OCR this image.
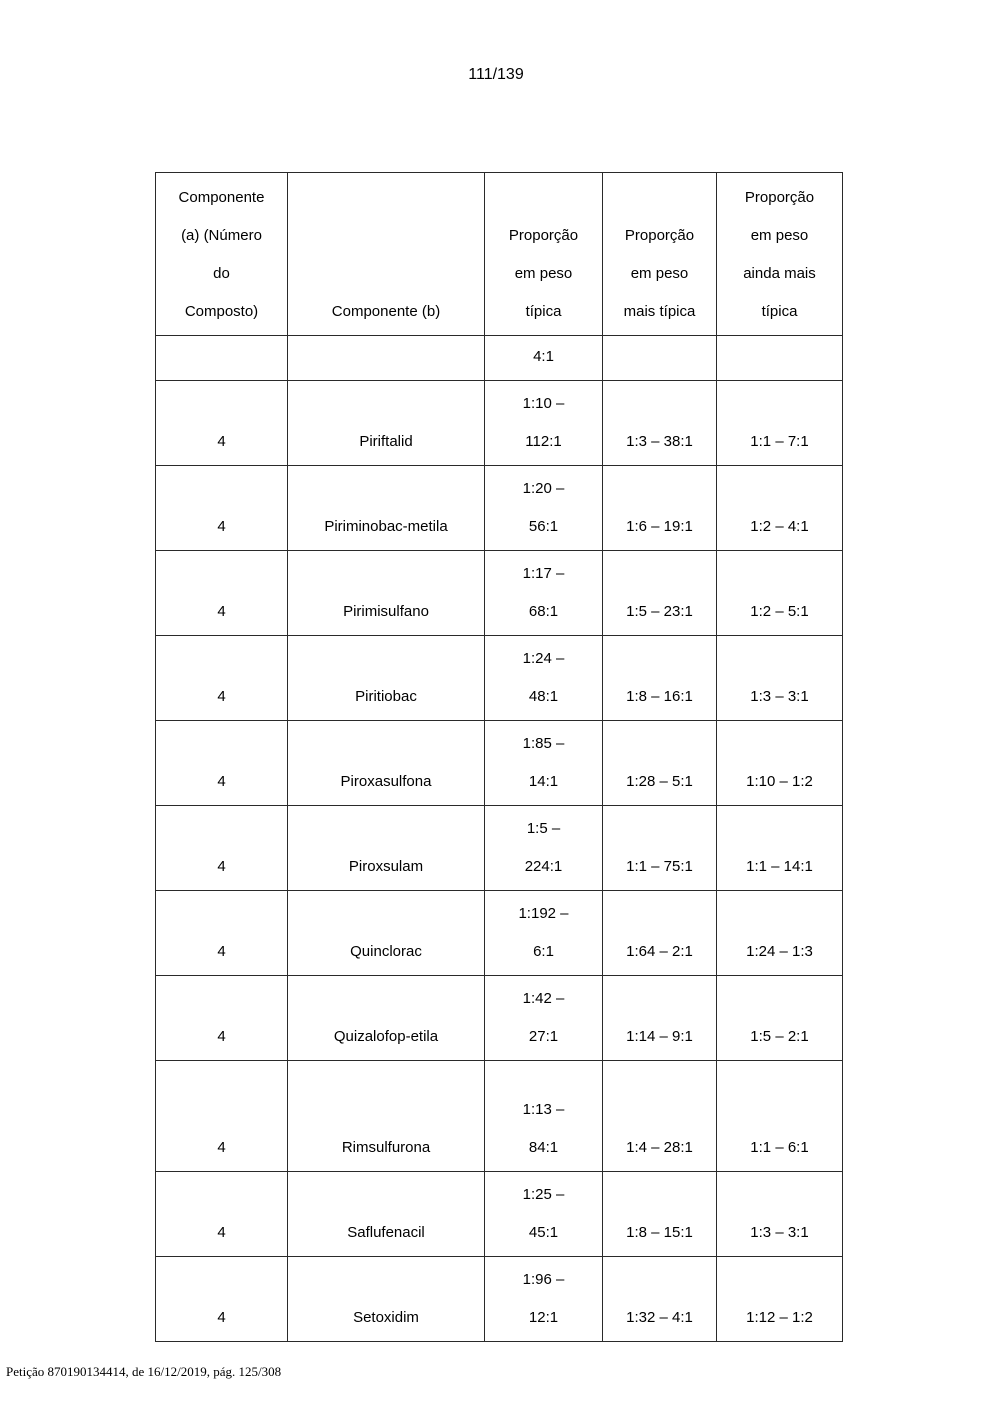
111/139
Componente
(a) (Número
do
Composto)	Componente (b)	Proporção
em peso
típica	Proporção
em peso
mais típica	Proporção
em peso
ainda mais
típica
		4:1		
4	Piriftalid	1:10 –
112:1	1:3 – 38:1	1:1 – 7:1
4	Piriminobac-metila	1:20 –
56:1	1:6 – 19:1	1:2 – 4:1
4	Pirimisulfano	1:17 –
68:1	1:5 – 23:1	1:2 – 5:1
4	Piritiobac	1:24 –
48:1	1:8 – 16:1	1:3 – 3:1
4	Piroxasulfona	1:85 –
14:1	1:28 – 5:1	1:10 – 1:2
4	Piroxsulam	1:5 –
224:1	1:1 – 75:1	1:1 – 14:1
4	Quinclorac	1:192 –
6:1	1:64 – 2:1	1:24 – 1:3
4	Quizalofop-etila	1:42 –
27:1	1:14 – 9:1	1:5 – 2:1
4	Rimsulfurona	1:13 –
84:1	1:4 – 28:1	1:1 – 6:1
4	Saflufenacil	1:25 –
45:1	1:8 – 15:1	1:3 – 3:1
4	Setoxidim	1:96 –
12:1	1:32 – 4:1	1:12 – 1:2
Petição 870190134414, de 16/12/2019, pág. 125/308
